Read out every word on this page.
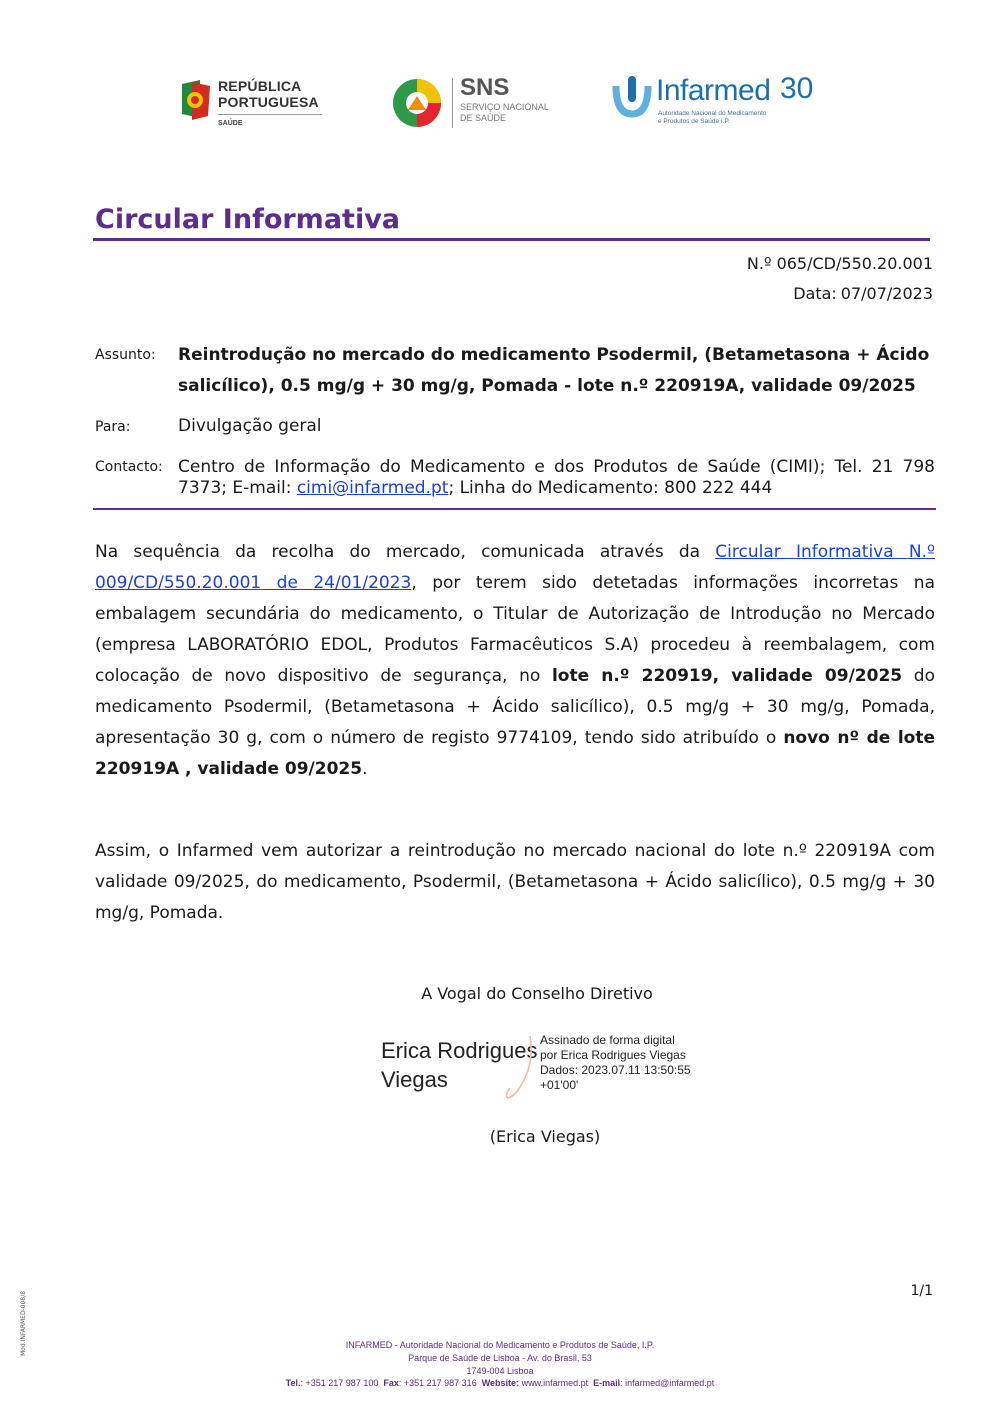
REPÚBLICA
PORTUGUESA
SAÚDE
SNS
SERVIÇO NACIONAL
DE SAÚDE
Infarmed 30
Autoridade Nacional do Medicamento
e Produtos de Saúde I.P.
Circular Informativa
N.º 065/CD/550.20.001
Data: 07/07/2023
Assunto: Reintrodução no mercado do medicamento Psodermil, (Betametasona + Ácido
salicílico), 0.5 mg/g + 30 mg/g, Pomada - lote n.º 220919A, validade 09/2025
Para:	Divulgação geral
Contacto: Centro de Informação do Medicamento e dos Produtos de Saúde (CIMI); Tel. 21 798 7373; E-mail: cimi@infarmed.pt; Linha do Medicamento: 800 222 444
Na sequência da recolha do mercado, comunicada através da Circular Informativa N.º 009/CD/550.20.001 de 24/01/2023, por terem sido detetadas informações incorretas na embalagem secundária do medicamento, o Titular de Autorização de Introdução no Mercado (empresa LABORATÓRIO EDOL, Produtos Farmacêuticos S.A) procedeu à reembalagem, com colocação de novo dispositivo de segurança, no lote n.º 220919, validade 09/2025 do medicamento Psodermil, (Betametasona + Ácido salicílico), 0.5 mg/g + 30 mg/g, Pomada, apresentação 30 g, com o número de registo 9774109, tendo sido atribuído o novo nº de lote 220919A , validade 09/2025.
Assim, o Infarmed vem autorizar a reintrodução no mercado nacional do lote n.º 220919A com validade 09/2025, do medicamento, Psodermil, (Betametasona + Ácido salicílico), 0.5 mg/g + 30 mg/g, Pomada.
A Vogal do Conselho Diretivo
Erica Rodrigues
Viegas
Assinado de forma digital
por Erica Rodrigues Viegas
Dados: 2023.07.11 13:50:55
+01'00'
(Erica Viegas)
1/1
Mod.INFARMED-008/8	INFARMED - Autoridade Nacional do Medicamento e Produtos de Saúde, I.P.
Parque de Saúde de Lisboa - Av. do Brasil, 53
1749-004 Lisboa
Tel.: +351 217 987 100 Fax: +351 217 987 316 Website: www.infarmed.pt E-mail: infarmed@infarmed.pt
